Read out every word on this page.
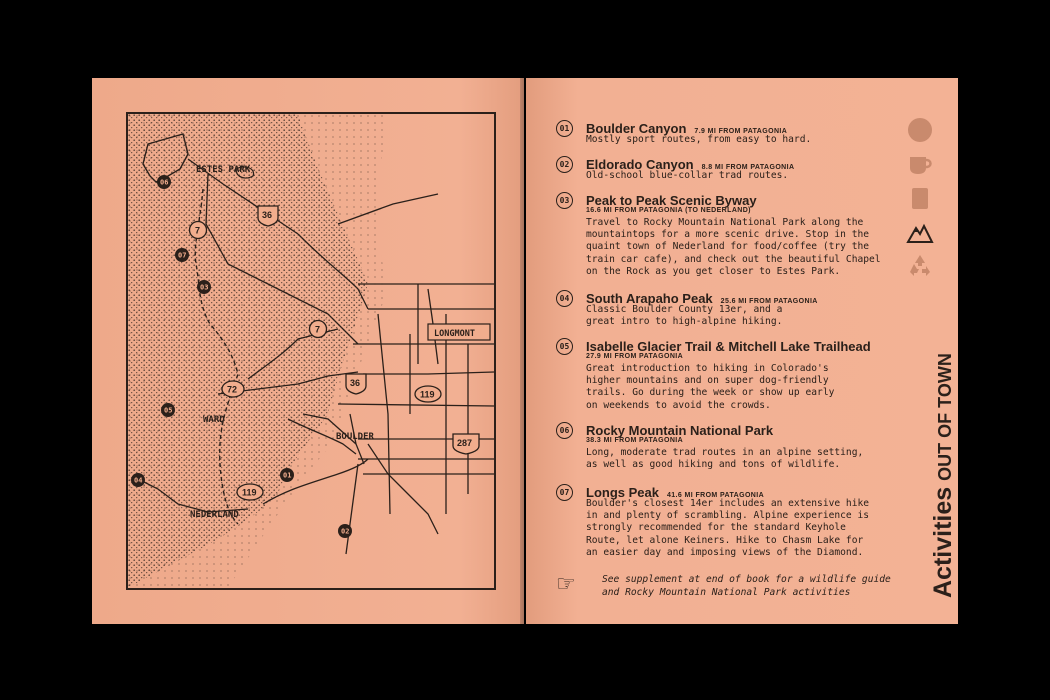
ESTES PARK
LONGMONT
WARD
BOULDER
NEDERLAND
36
7
7
72
36
119
287
119
06
07
03
05
04
01
02
01 Boulder Canyon 7.9 MI FROM PATAGONIA
Mostly sport routes, from easy to hard.
02 Eldorado Canyon 8.8 MI FROM PATAGONIA
Old-school blue-collar trad routes.
03 Peak to Peak Scenic Byway
16.6 MI FROM PATAGONIA (TO NEDERLAND)
Travel to Rocky Mountain National Park along the
mountaintops for a more scenic drive. Stop in the
quaint town of Nederland for food/coffee (try the
train car cafe), and check out the beautiful Chapel
on the Rock as you get closer to Estes Park.
04 South Arapaho Peak 25.6 MI FROM PATAGONIA
Classic Boulder County 13er, and a
great intro to high-alpine hiking.
05 Isabelle Glacier Trail & Mitchell Lake Trailhead
27.9 MI FROM PATAGONIA
Great introduction to hiking in Colorado's
higher mountains and on super dog-friendly
trails. Go during the week or show up early
on weekends to avoid the crowds.
06 Rocky Mountain National Park
38.3 MI FROM PATAGONIA
Long, moderate trad routes in an alpine setting,
as well as good hiking and tons of wildlife.
07 Longs Peak 41.6 MI FROM PATAGONIA
Boulder's closest 14er includes an extensive hike
in and plenty of scrambling. Alpine experience is
strongly recommended for the standard Keyhole
Route, let alone Keiners. Hike to Chasm Lake for
an easier day and imposing views of the Diamond.
☞	See supplement at end of book for a wildlife guide
and Rocky Mountain National Park activities	ActivitiesOUT OF TOWN
